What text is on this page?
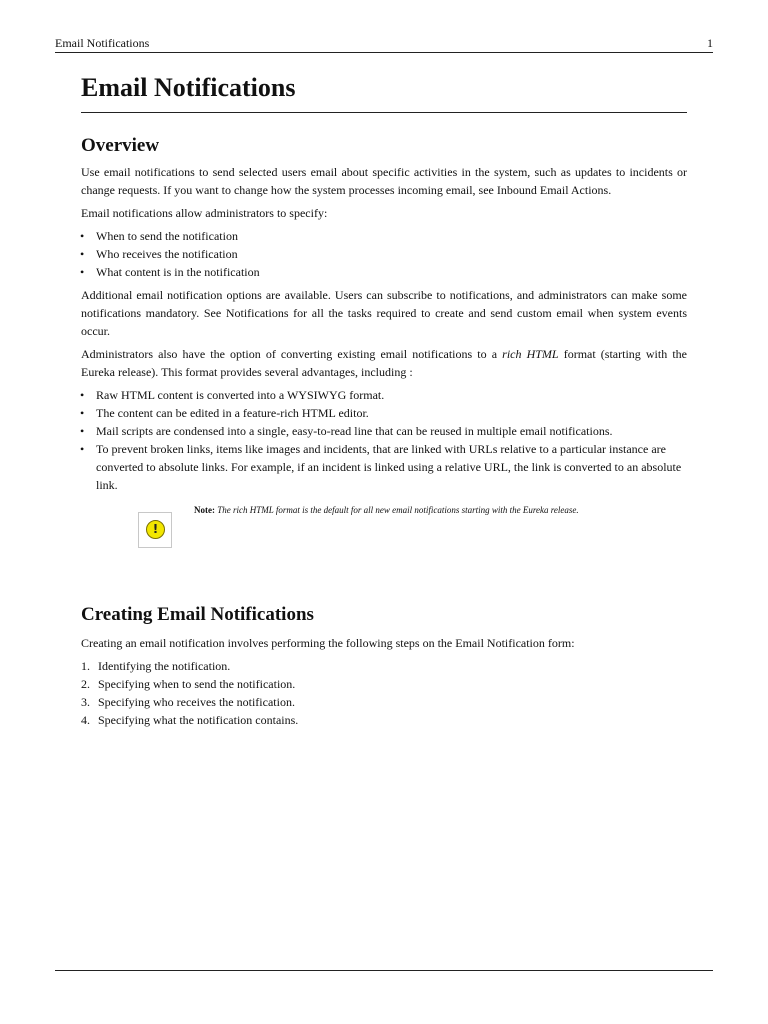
Email Notifications	1
Email Notifications
Overview

Use email notifications to send selected users email about specific activities in the system, such as updates to incidents or change requests. If you want to change how the system processes incoming email, see Inbound Email Actions.

Email notifications allow administrators to specify:

• When to send the notification
• Who receives the notification
• What content is in the notification

Additional email notification options are available. Users can subscribe to notifications, and administrators can make some notifications mandatory. See Notifications for all the tasks required to create and send custom email when system events occur.

Administrators also have the option of converting existing email notifications to a rich HTML format (starting with the Eureka release). This format provides several advantages, including :

• Raw HTML content is converted into a WYSIWYG format.
• The content can be edited in a feature-rich HTML editor.
• Mail scripts are condensed into a single, easy-to-read line that can be reused in multiple email notifications.
• To prevent broken links, items like images and incidents, that are linked with URLs relative to a particular instance are converted to absolute links. For example, if an incident is linked using a relative URL, the link is converted to an absolute link.
!
Note: The rich HTML format is the default for all new email notifications starting with the Eureka release.
Creating Email Notifications

Creating an email notification involves performing the following steps on the Email Notification form:

1. Identifying the notification.
2. Specifying when to send the notification.
3. Specifying who receives the notification.
4. Specifying what the notification contains.
